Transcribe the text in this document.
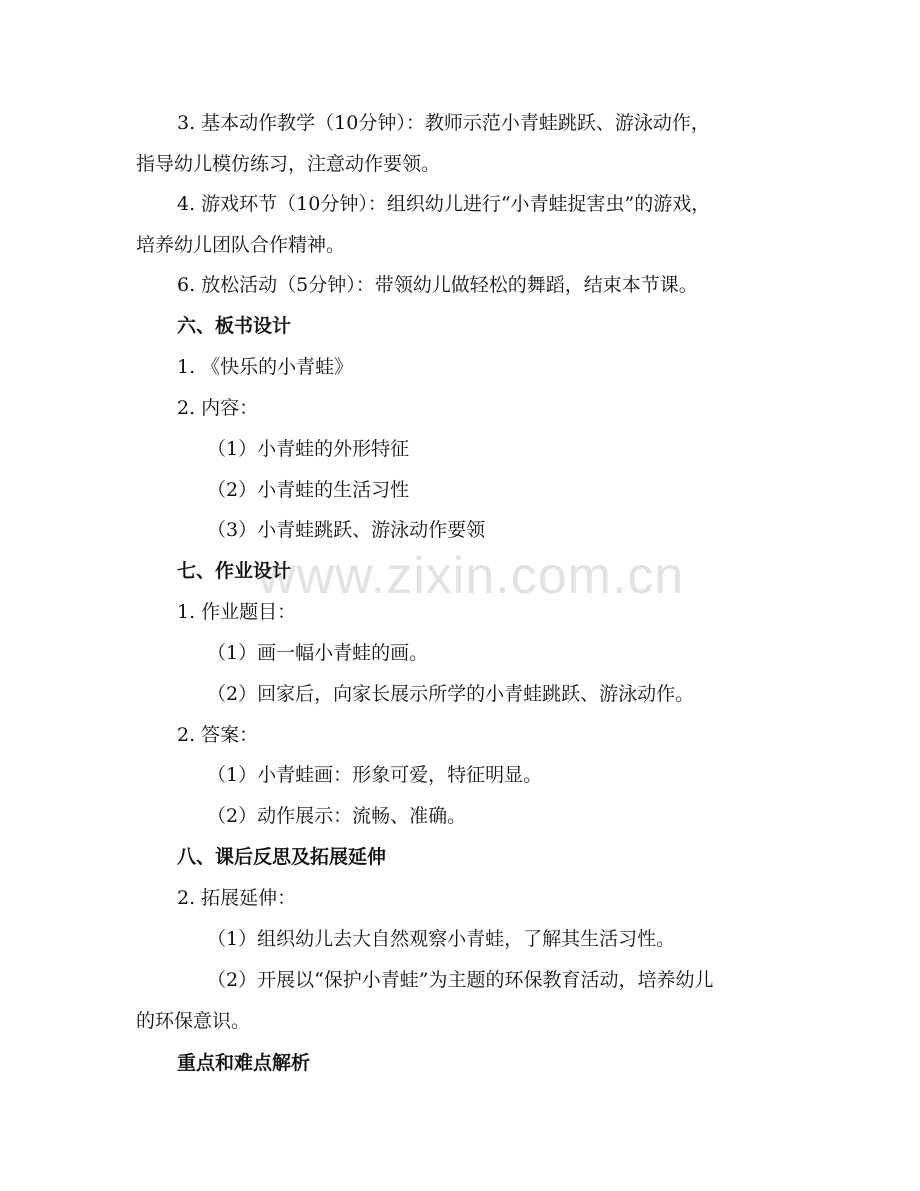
www.zixin.com.cn
3. 基本动作教学（10分钟）：教师示范小青蛙跳跃、游泳动作，
指导幼儿模仿练习，注意动作要领。
4. 游戏环节（10分钟）：组织幼儿进行“小青蛙捉害虫”的游戏，
培养幼儿团队合作精神。
6. 放松活动（5分钟）：带领幼儿做轻松的舞蹈，结束本节课。
六、板书设计
1. 《快乐的小青蛙》
2. 内容：
（1）小青蛙的外形特征
（2）小青蛙的生活习性
（3）小青蛙跳跃、游泳动作要领
七、作业设计
1. 作业题目：
（1）画一幅小青蛙的画。
（2）回家后，向家长展示所学的小青蛙跳跃、游泳动作。
2. 答案：
（1）小青蛙画：形象可爱，特征明显。
（2）动作展示：流畅、准确。
八、课后反思及拓展延伸
2. 拓展延伸：
（1）组织幼儿去大自然观察小青蛙，了解其生活习性。
（2）开展以“保护小青蛙”为主题的环保教育活动，培养幼儿
的环保意识。
重点和难点解析
